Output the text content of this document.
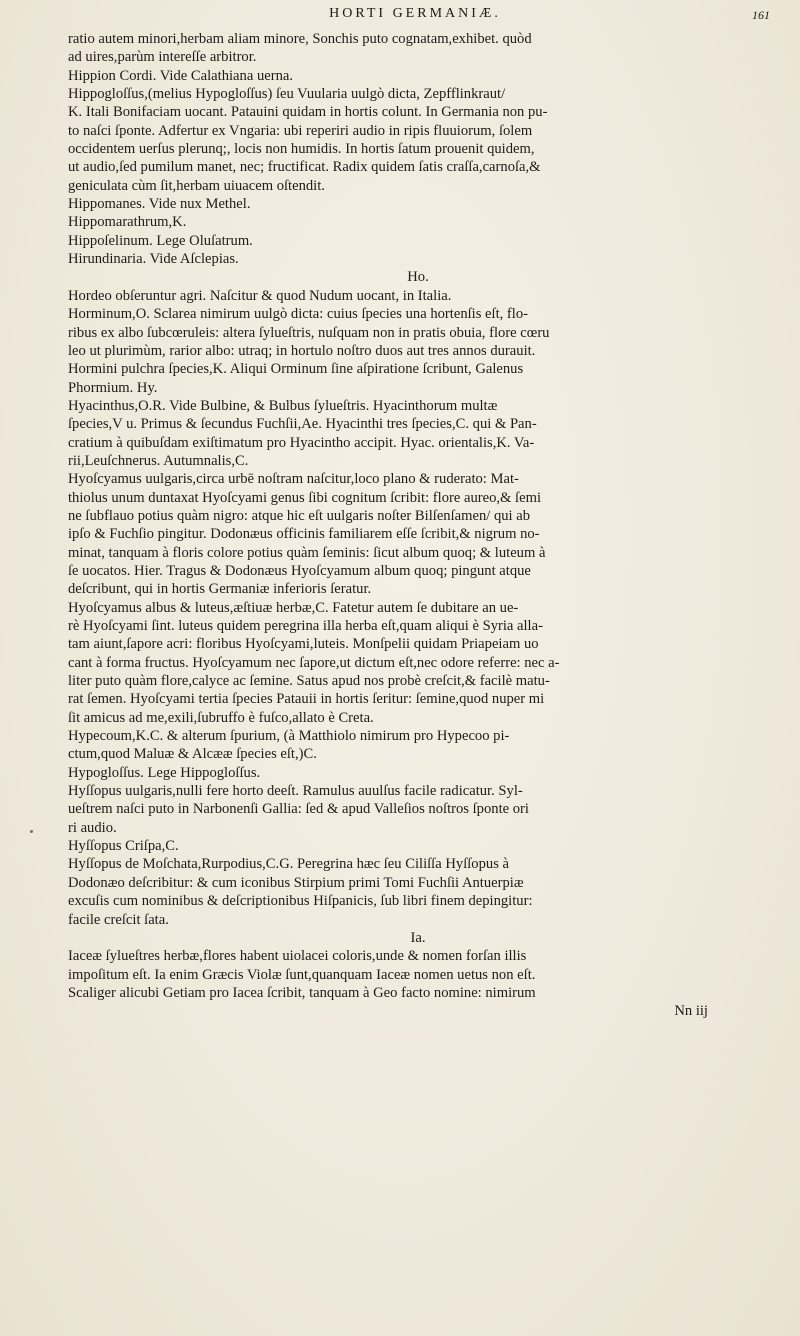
HORTI GERMANIÆ.	161
ratio autem minori,herbam aliam minore, Sonchis puto cognatam,exhibet. quòd
ad uires,parùm intereſſe arbitror.
Hippion Cordi. Vide Calathiana uerna.
Hippogloſſus,(melius Hypogloſſus) ſeu Vuularia uulgò dicta, Zepfflinkraut/
K. Itali Bonifaciam uocant. Patauini quidam in hortis colunt. In Germania non pu-
to naſci ſponte. Adfertur ex Vngaria: ubi reperiri audio in ripis fluuiorum, ſolem
occidentem uerſus plerunq;, locis non humidis. In hortis ſatum prouenit quidem,
ut audio,ſed pumilum manet, nec; fructificat. Radix quidem ſatis craſſa,carnoſa,&
geniculata cùm ſit,herbam uiuacem oſtendit.
Hippomanes. Vide nux Methel.
Hippomarathrum,K.
Hippoſelinum. Lege Oluſatrum.
Hirundinaria. Vide Aſclepias.
Ho.
Hordeo obſeruntur agri. Naſcitur & quod Nudum uocant, in Italia.
Horminum,O. Sclarea nimirum uulgò dicta: cuius ſpecies una hortenſis eſt, flo-
ribus ex albo ſubcœruleis: altera ſylueſtris, nuſquam non in pratis obuia, flore cœru
leo ut plurimùm, rarior albo: utraq; in hortulo noſtro duos aut tres annos durauit.
Hormini pulchra ſpecies,K. Aliqui Orminum ſine aſpiratione ſcribunt, Galenus
Phormium. Hy.
Hyacinthus,O.R. Vide Bulbine, & Bulbus ſylueſtris. Hyacinthorum multæ
ſpecies,V u. Primus & ſecundus Fuchſii,Ae. Hyacinthi tres ſpecies,C. qui & Pan-
cratium à quibuſdam exiſtimatum pro Hyacintho accipit. Hyac. orientalis,K. Va-
rii,Leuſchnerus. Autumnalis,C.
Hyoſcyamus uulgaris,circa urbē noſtram naſcitur,loco plano & ruderato: Mat-
thiolus unum duntaxat Hyoſcyami genus ſibi cognitum ſcribit: flore aureo,& ſemi
ne ſubflauo potius quàm nigro: atque hic eſt uulgaris noſter Bilſenſamen/ qui ab
ipſo & Fuchſio pingitur. Dodonæus officinis familiarem eſſe ſcribit,& nigrum no-
minat, tanquam à floris colore potius quàm ſeminis: ſicut album quoq; & luteum à
ſe uocatos. Hier. Tragus & Dodonæus Hyoſcyamum album quoq; pingunt atque
deſcribunt, qui in hortis Germaniæ inferioris ſeratur.
Hyoſcyamus albus & luteus,æſtiuæ herbæ,C. Fatetur autem ſe dubitare an ue-
rè Hyoſcyami ſint. luteus quidem peregrina illa herba eſt,quam aliqui è Syria alla-
tam aiunt,ſapore acri: floribus Hyoſcyami,luteis. Monſpelii quidam Priapeiam uo
cant à forma fructus. Hyoſcyamum nec ſapore,ut dictum eſt,nec odore referre: nec a-
liter puto quàm flore,calyce ac ſemine. Satus apud nos probè creſcit,& facilè matu-
rat ſemen. Hyoſcyami tertia ſpecies Patauii in hortis ſeritur: ſemine,quod nuper mi
ſit amicus ad me,exili,ſubruffo è fuſco,allato è Creta.
Hypecoum,K.C. & alterum ſpurium, (à Matthiolo nimirum pro Hypecoo pi-
ctum,quod Maluæ & Alcææ ſpecies eſt,)C.
Hypogloſſus. Lege Hippogloſſus.
Hyſſopus uulgaris,nulli fere horto deeſt. Ramulus auulſus facile radicatur. Syl-
ueſtrem naſci puto in Narbonenſi Gallia: ſed & apud Valleſios noſtros ſponte ori
ri audio.
Hyſſopus Criſpa,C.
Hyſſopus de Moſchata,Rurpodius,C.G. Peregrina hæc ſeu Ciliſſa Hyſſopus à
Dodonæo deſcribitur: & cum iconibus Stirpium primi Tomi Fuchſii Antuerpiæ
excuſis cum nominibus & deſcriptionibus Hiſpanicis, ſub libri finem depingitur:
facile creſcit ſata.
Ia.
Iaceæ ſylueſtres herbæ,flores habent uiolacei coloris,unde & nomen forſan illis
impoſitum eſt. Ia enim Græcis Violæ ſunt,quanquam Iaceæ nomen uetus non eſt.
Scaliger alicubi Getiam pro Iacea ſcribit, tanquam à Geo facto nomine: nimirum
Nn iij
